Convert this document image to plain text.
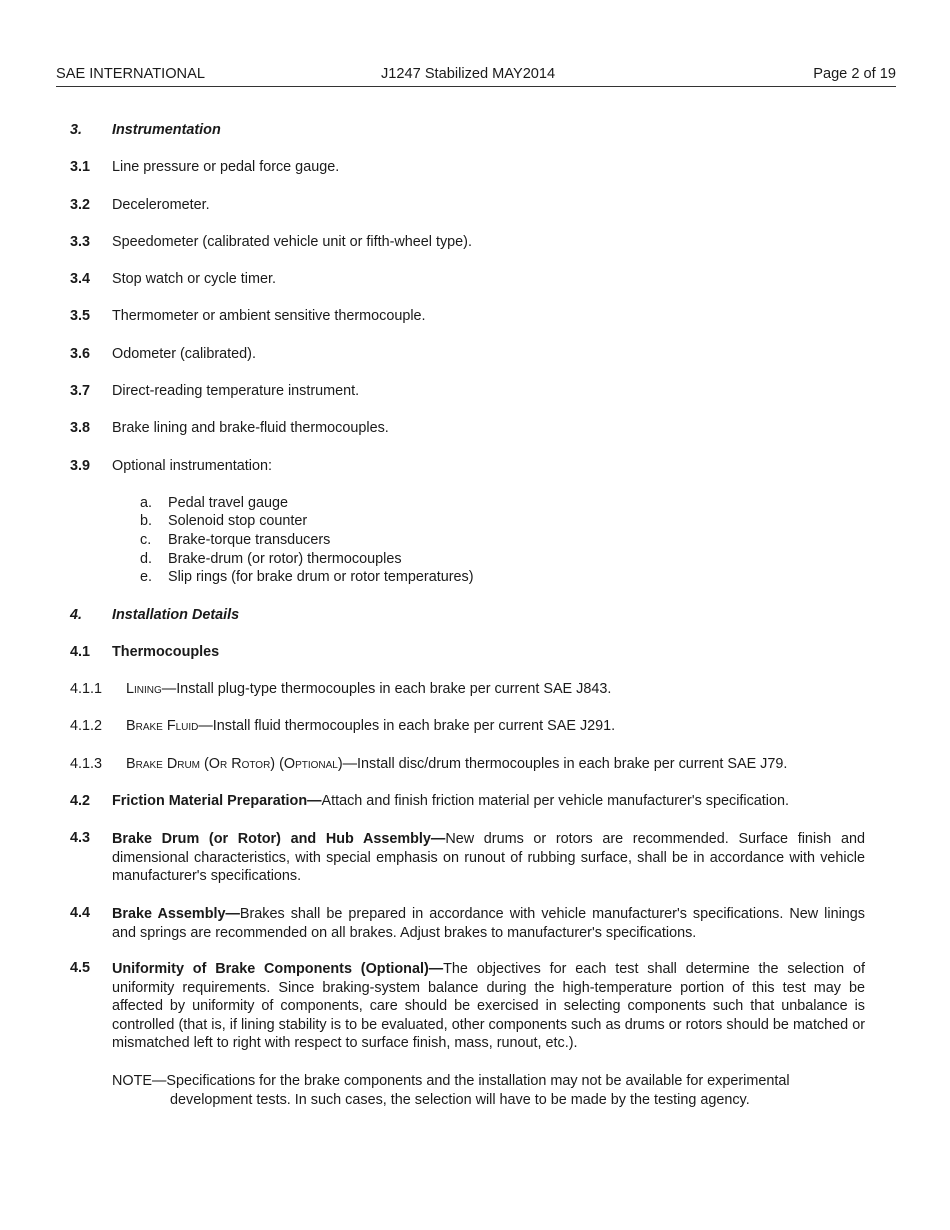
SAE INTERNATIONAL	J1247 Stabilized MAY2014	Page 2 of 19
3. Instrumentation
3.1 Line pressure or pedal force gauge.
3.2 Decelerometer.
3.3 Speedometer (calibrated vehicle unit or fifth-wheel type).
3.4 Stop watch or cycle timer.
3.5 Thermometer or ambient sensitive thermocouple.
3.6 Odometer (calibrated).
3.7 Direct-reading temperature instrument.
3.8 Brake lining and brake-fluid thermocouples.
3.9 Optional instrumentation:
a. Pedal travel gauge
b. Solenoid stop counter
c. Brake-torque transducers
d. Brake-drum (or rotor) thermocouples
e. Slip rings (for brake drum or rotor temperatures)
4. Installation Details
4.1 Thermocouples
4.1.1 Lining—Install plug-type thermocouples in each brake per current SAE J843.
4.1.2 Brake Fluid—Install fluid thermocouples in each brake per current SAE J291.
4.1.3 Brake Drum (Or Rotor) (Optional)—Install disc/drum thermocouples in each brake per current SAE J79.
4.2 Friction Material Preparation—Attach and finish friction material per vehicle manufacturer's specification.
4.3 Brake Drum (or Rotor) and Hub Assembly—New drums or rotors are recommended. Surface finish and dimensional characteristics, with special emphasis on runout of rubbing surface, shall be in accordance with vehicle manufacturer's specifications.
4.4 Brake Assembly—Brakes shall be prepared in accordance with vehicle manufacturer's specifications. New linings and springs are recommended on all brakes. Adjust brakes to manufacturer's specifications.
4.5 Uniformity of Brake Components (Optional)—The objectives for each test shall determine the selection of uniformity requirements. Since braking-system balance during the high-temperature portion of this test may be affected by uniformity of components, care should be exercised in selecting components such that unbalance is controlled (that is, if lining stability is to be evaluated, other components such as drums or rotors should be matched or mismatched left to right with respect to surface finish, mass, runout, etc.).
NOTE—Specifications for the brake components and the installation may not be available for experimental
development tests. In such cases, the selection will have to be made by the testing agency.
